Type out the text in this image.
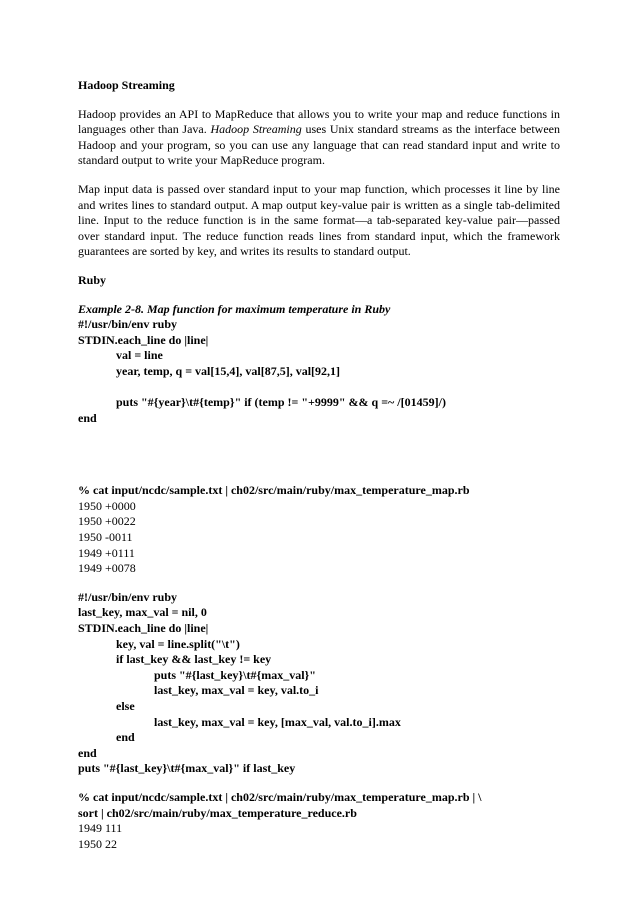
Hadoop Streaming

Hadoop provides an API to MapReduce that allows you to write your map and reduce functions in languages other than Java. Hadoop Streaming uses Unix standard streams as the interface between Hadoop and your program, so you can use any language that can read standard input and write to standard output to write your MapReduce program.

Map input data is passed over standard input to your map function, which processes it line by line and writes lines to standard output. A map output key-value pair is written as a single tab-delimited line. Input to the reduce function is in the same format—a tab-separated key-value pair—passed over standard input. The reduce function reads lines from standard input, which the framework guarantees are sorted by key, and writes its results to standard output.

Ruby
Example 2-8. Map function for maximum temperature in Ruby
#!/usr/bin/env ruby
STDIN.each_line do |line|
val = line
year, temp, q = val[15,4], val[87,5], val[92,1]
puts "#{year}\t#{temp}" if (temp != "+9999" && q =~ /[01459]/)
end
% cat input/ncdc/sample.txt | ch02/src/main/ruby/max_temperature_map.rb
1950 +0000
1950 +0022
1950 -0011
1949 +0111
1949 +0078
#!/usr/bin/env ruby
last_key, max_val = nil, 0
STDIN.each_line do |line|
key, val = line.split("\t")
if last_key && last_key != key
puts "#{last_key}\t#{max_val}"
last_key, max_val = key, val.to_i
else
last_key, max_val = key, [max_val, val.to_i].max
end
end
puts "#{last_key}\t#{max_val}" if last_key
% cat input/ncdc/sample.txt | ch02/src/main/ruby/max_temperature_map.rb | \
sort | ch02/src/main/ruby/max_temperature_reduce.rb
1949 111
1950 22
